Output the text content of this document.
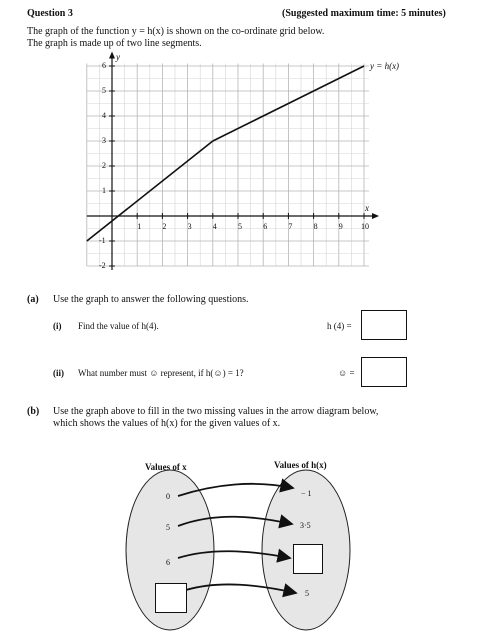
Question 3	(Suggested maximum time: 5 minutes)
The graph of the function y = h(x) is shown on the co-ordinate grid below.
The graph is made up of two line segments.
y
x
y = h(x)
1	2	3	4	5	6	7	8	9 10
6
5
4
3
2
1
-1
-2
(a) Use the graph to answer the following questions.
(i) Find the value of h(4).	h (4) =
(ii) What number must ☺ represent, if h(☺) = 1?	☺ =
(b) Use the graph above to fill in the two missing values in the arrow diagram below,
which shows the values of h(x) for the given values of x.
Values of x	Values of h(x)
0
5
6
− 1
3·5
5
